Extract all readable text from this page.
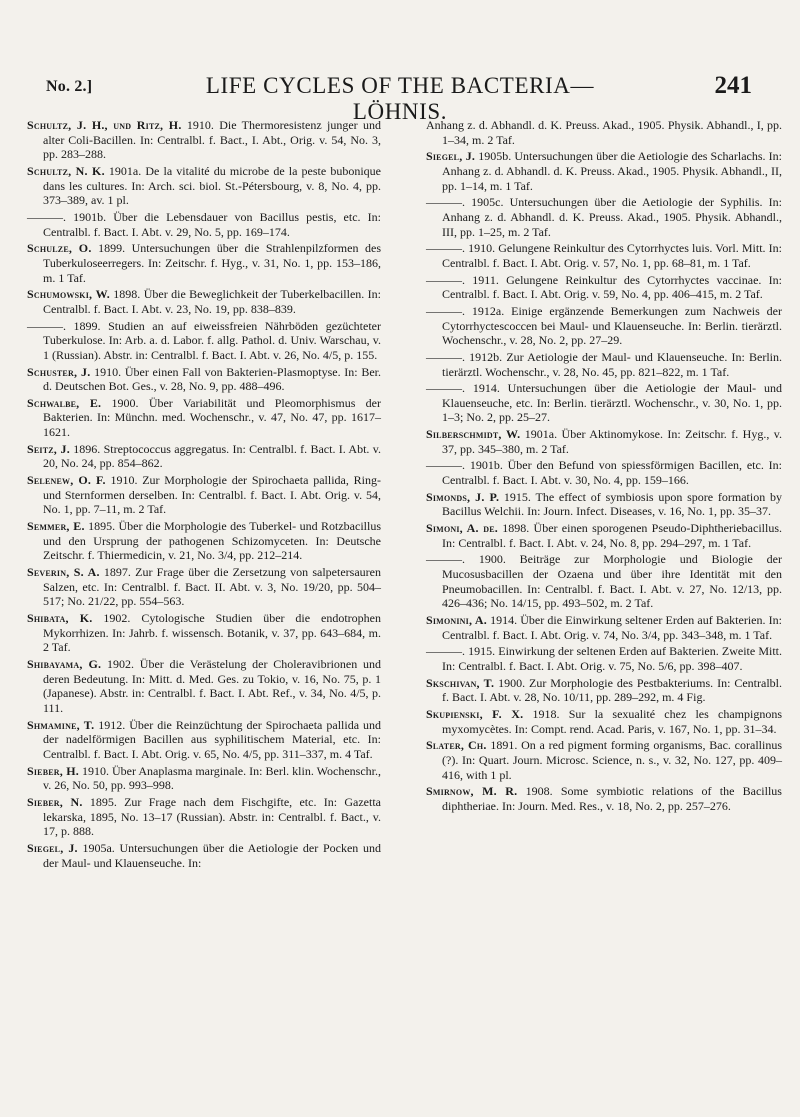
No. 2.]	LIFE CYCLES OF THE BACTERIA—LÖHNIS.
241

Schultz, J. H., und Ritz, H. 1910. Die Thermoresistenz junger und alter Coli-Bacillen. In: Centralbl. f. Bact., I. Abt., Orig. v. 54, No. 3, pp. 283–288.

Schultz, N. K. 1901a. De la vitalité du microbe de la peste bubonique dans les cultures. In: Arch. sci. biol. St.-Pétersbourg, v. 8, No. 4, pp. 373–389, av. 1 pl.

———. 1901b. Über die Lebensdauer von Bacillus pestis, etc. In: Centralbl. f. Bact. I. Abt. v. 29, No. 5, pp. 169–174.

Schulze, O. 1899. Untersuchungen über die Strahlenpilzformen des Tuberkuloseerregers. In: Zeitschr. f. Hyg., v. 31, No. 1, pp. 153–186, m. 1 Taf.

Schumowski, W. 1898. Über die Beweglichkeit der Tuberkelbacillen. In: Centralbl. f. Bact. I. Abt. v. 23, No. 19, pp. 838–839.

———. 1899. Studien an auf eiweissfreien Nährböden gezüchteter Tuberkulose. In: Arb. a. d. Labor. f. allg. Pathol. d. Univ. Warschau, v. 1 (Russian). Abstr. in: Centralbl. f. Bact. I. Abt. v. 26, No. 4/5, p. 155.

Schuster, J. 1910. Über einen Fall von Bakterien-Plasmoptyse. In: Ber. d. Deutschen Bot. Ges., v. 28, No. 9, pp. 488–496.

Schwalbe, E. 1900. Über Variabilität und Pleomorphismus der Bakterien. In: Münchn. med. Wochenschr., v. 47, No. 47, pp. 1617–1621.

Seitz, J. 1896. Streptococcus aggregatus. In: Centralbl. f. Bact. I. Abt. v. 20, No. 24, pp. 854–862.

Selenew, O. F. 1910. Zur Morphologie der Spirochaeta pallida, Ring- und Sternformen derselben. In: Centralbl. f. Bact. I. Abt. Orig. v. 54, No. 1, pp. 7–11, m. 2 Taf.

Semmer, E. 1895. Über die Morphologie des Tuberkel- und Rotzbacillus und den Ursprung der pathogenen Schizomyceten. In: Deutsche Zeitschr. f. Thiermedicin, v. 21, No. 3/4, pp. 212–214.

Severin, S. A. 1897. Zur Frage über die Zersetzung von salpetersauren Salzen, etc. In: Centralbl. f. Bact. II. Abt. v. 3, No. 19/20, pp. 504–517; No. 21/22, pp. 554–563.

Shibata, K. 1902. Cytologische Studien über die endotrophen Mykorrhizen. In: Jahrb. f. wissensch. Botanik, v. 37, pp. 643–684, m. 2 Taf.

Shibayama, G. 1902. Über die Verästelung der Choleravibrionen und deren Bedeutung. In: Mitt. d. Med. Ges. zu Tokio, v. 16, No. 75, p. 1 (Japanese). Abstr. in: Centralbl. f. Bact. I. Abt. Ref., v. 34, No. 4/5, p. 111.

Shmamine, T. 1912. Über die Reinzüchtung der Spirochaeta pallida und der nadelförmigen Bacillen aus syphilitischem Material, etc. In: Centralbl. f. Bact. I. Abt. Orig. v. 65, No. 4/5, pp. 311–337, m. 4 Taf.

Sieber, H. 1910. Über Anaplasma marginale. In: Berl. klin. Wochenschr., v. 26, No. 50, pp. 993–998.

Sieber, N. 1895. Zur Frage nach dem Fischgifte, etc. In: Gazetta lekarska, 1895, No. 13–17 (Russian). Abstr. in: Centralbl. f. Bact., v. 17, p. 888.

Siegel, J. 1905a. Untersuchungen über die Aetiologie der Pocken und der Maul- und Klauenseuche. In:

Anhang z. d. Abhandl. d. K. Preuss. Akad., 1905. Physik. Abhandl., I, pp. 1–34, m. 2 Taf.

Siegel, J. 1905b. Untersuchungen über die Aetiologie des Scharlachs. In: Anhang z. d. Abhandl. d. K. Preuss. Akad., 1905. Physik. Abhandl., II, pp. 1–14, m. 1 Taf.

———. 1905c. Untersuchungen über die Aetiologie der Syphilis. In: Anhang z. d. Abhandl. d. K. Preuss. Akad., 1905. Physik. Abhandl., III, pp. 1–25, m. 2 Taf.

———. 1910. Gelungene Reinkultur des Cytorrhyctes luis. Vorl. Mitt. In: Centralbl. f. Bact. I. Abt. Orig. v. 57, No. 1, pp. 68–81, m. 1 Taf.

———. 1911. Gelungene Reinkultur des Cytorrhyctes vaccinae. In: Centralbl. f. Bact. I. Abt. Orig. v. 59, No. 4, pp. 406–415, m. 2 Taf.

———. 1912a. Einige ergänzende Bemerkungen zum Nachweis der Cytorrhyctescoccen bei Maul- und Klauenseuche. In: Berlin. tierärztl. Wochenschr., v. 28, No. 2, pp. 27–29.

———. 1912b. Zur Aetiologie der Maul- und Klauenseuche. In: Berlin. tierärztl. Wochenschr., v. 28, No. 45, pp. 821–822, m. 1 Taf.

———. 1914. Untersuchungen über die Aetiologie der Maul- und Klauenseuche, etc. In: Berlin. tierärztl. Wochenschr., v. 30, No. 1, pp. 1–3; No. 2, pp. 25–27.

Silberschmidt, W. 1901a. Über Aktinomykose. In: Zeitschr. f. Hyg., v. 37, pp. 345–380, m. 2 Taf.

———. 1901b. Über den Befund von spiessförmigen Bacillen, etc. In: Centralbl. f. Bact. I. Abt. v. 30, No. 4, pp. 159–166.

Simonds, J. P. 1915. The effect of symbiosis upon spore formation by Bacillus Welchii. In: Journ. Infect. Diseases, v. 16, No. 1, pp. 35–37.

Simoni, A. de. 1898. Über einen sporogenen Pseudo-Diphtheriebacillus. In: Centralbl. f. Bact. I. Abt. v. 24, No. 8, pp. 294–297, m. 1 Taf.

———. 1900. Beiträge zur Morphologie und Biologie der Mucosusbacillen der Ozaena und über ihre Identität mit den Pneumobacillen. In: Centralbl. f. Bact. I. Abt. v. 27, No. 12/13, pp. 426–436; No. 14/15, pp. 493–502, m. 2 Taf.

Simonini, A. 1914. Über die Einwirkung seltener Erden auf Bakterien. In: Centralbl. f. Bact. I. Abt. Orig. v. 74, No. 3/4, pp. 343–348, m. 1 Taf.

———. 1915. Einwirkung der seltenen Erden auf Bakterien. Zweite Mitt. In: Centralbl. f. Bact. I. Abt. Orig. v. 75, No. 5/6, pp. 398–407.

Skschivan, T. 1900. Zur Morphologie des Pestbakteriums. In: Centralbl. f. Bact. I. Abt. v. 28, No. 10/11, pp. 289–292, m. 4 Fig.

Skupienski, F. X. 1918. Sur la sexualité chez les champignons myxomycètes. In: Compt. rend. Acad. Paris, v. 167, No. 1, pp. 31–34.

Slater, Ch. 1891. On a red pigment forming organisms, Bac. corallinus (?). In: Quart. Journ. Microsc. Science, n. s., v. 32, No. 127, pp. 409–416, with 1 pl.

Smirnow, M. R. 1908. Some symbiotic relations of the Bacillus diphtheriae. In: Journ. Med. Res., v. 18, No. 2, pp. 257–276.
